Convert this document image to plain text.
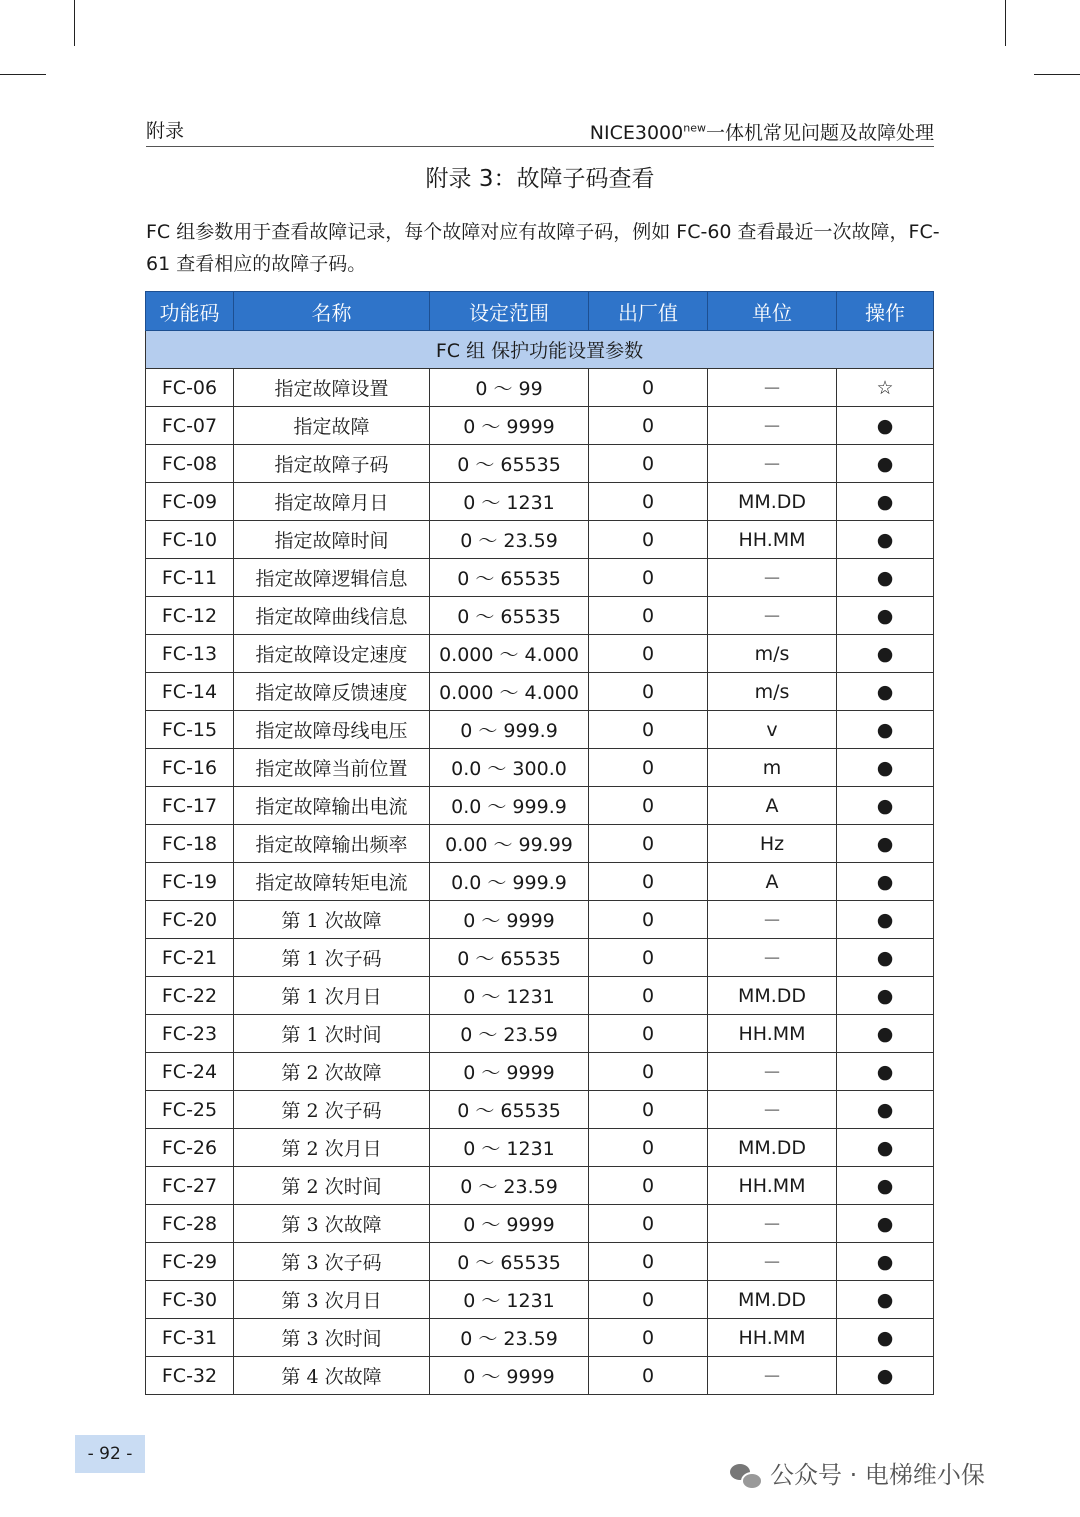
附录	$NICE3000^{new}$一体机常见问题及故障处理
附录 3：故障子码查看
FC 组参数用于查看故障记录，每个故障对应有故障子码，例如 FC-60 查看最近一次故障，FC-61 查看相应的故障子码。
功能码	名称	设定范围	出厂值	单位	操作
FC 组 保护功能设置参数					
FC-06	指定故障设置	0 ～ 99	0	－	☆
FC-07	指定故障	0 ～ 9999	0	－	●
FC-08	指定故障子码	0 ～ 65535	0	－	●
FC-09	指定故障月日	0 ～ 1231	0	MM.DD	●
FC-10	指定故障时间	0 ～ 23.59	0	HH.MM	●
FC-11	指定故障逻辑信息	0 ～ 65535	0	－	●
FC-12	指定故障曲线信息	0 ～ 65535	0	－	●
FC-13	指定故障设定速度	0.000 ～ 4.000	0	m/s	●
FC-14	指定故障反馈速度	0.000 ～ 4.000	0	m/s	●
FC-15	指定故障母线电压	0 ～ 999.9	0	v	●
FC-16	指定故障当前位置	0.0 ～ 300.0	0	m	●
FC-17	指定故障输出电流	0.0 ～ 999.9	0	A	●
FC-18	指定故障输出频率	0.00 ～ 99.99	0	Hz	●
FC-19	指定故障转矩电流	0.0 ～ 999.9	0	A	●
FC-20	第 1 次故障	0 ～ 9999	0	－	●
FC-21	第 1 次子码	0 ～ 65535	0	－	●
FC-22	第 1 次月日	0 ～ 1231	0	MM.DD	●
FC-23	第 1 次时间	0 ～ 23.59	0	HH.MM	●
FC-24	第 2 次故障	0 ～ 9999	0	－	●
FC-25	第 2 次子码	0 ～ 65535	0	－	●
FC-26	第 2 次月日	0 ～ 1231	0	MM.DD	●
FC-27	第 2 次时间	0 ～ 23.59	0	HH.MM	●
FC-28	第 3 次故障	0 ～ 9999	0	－	●
FC-29	第 3 次子码	0 ～ 65535	0	－	●
FC-30	第 3 次月日	0 ～ 1231	0	MM.DD	●
FC-31	第 3 次时间	0 ～ 23.59	0	HH.MM	●
FC-32	第 4 次故障	0 ～ 9999	0	－	●
- 92 -
公众号 · 电梯维小保
